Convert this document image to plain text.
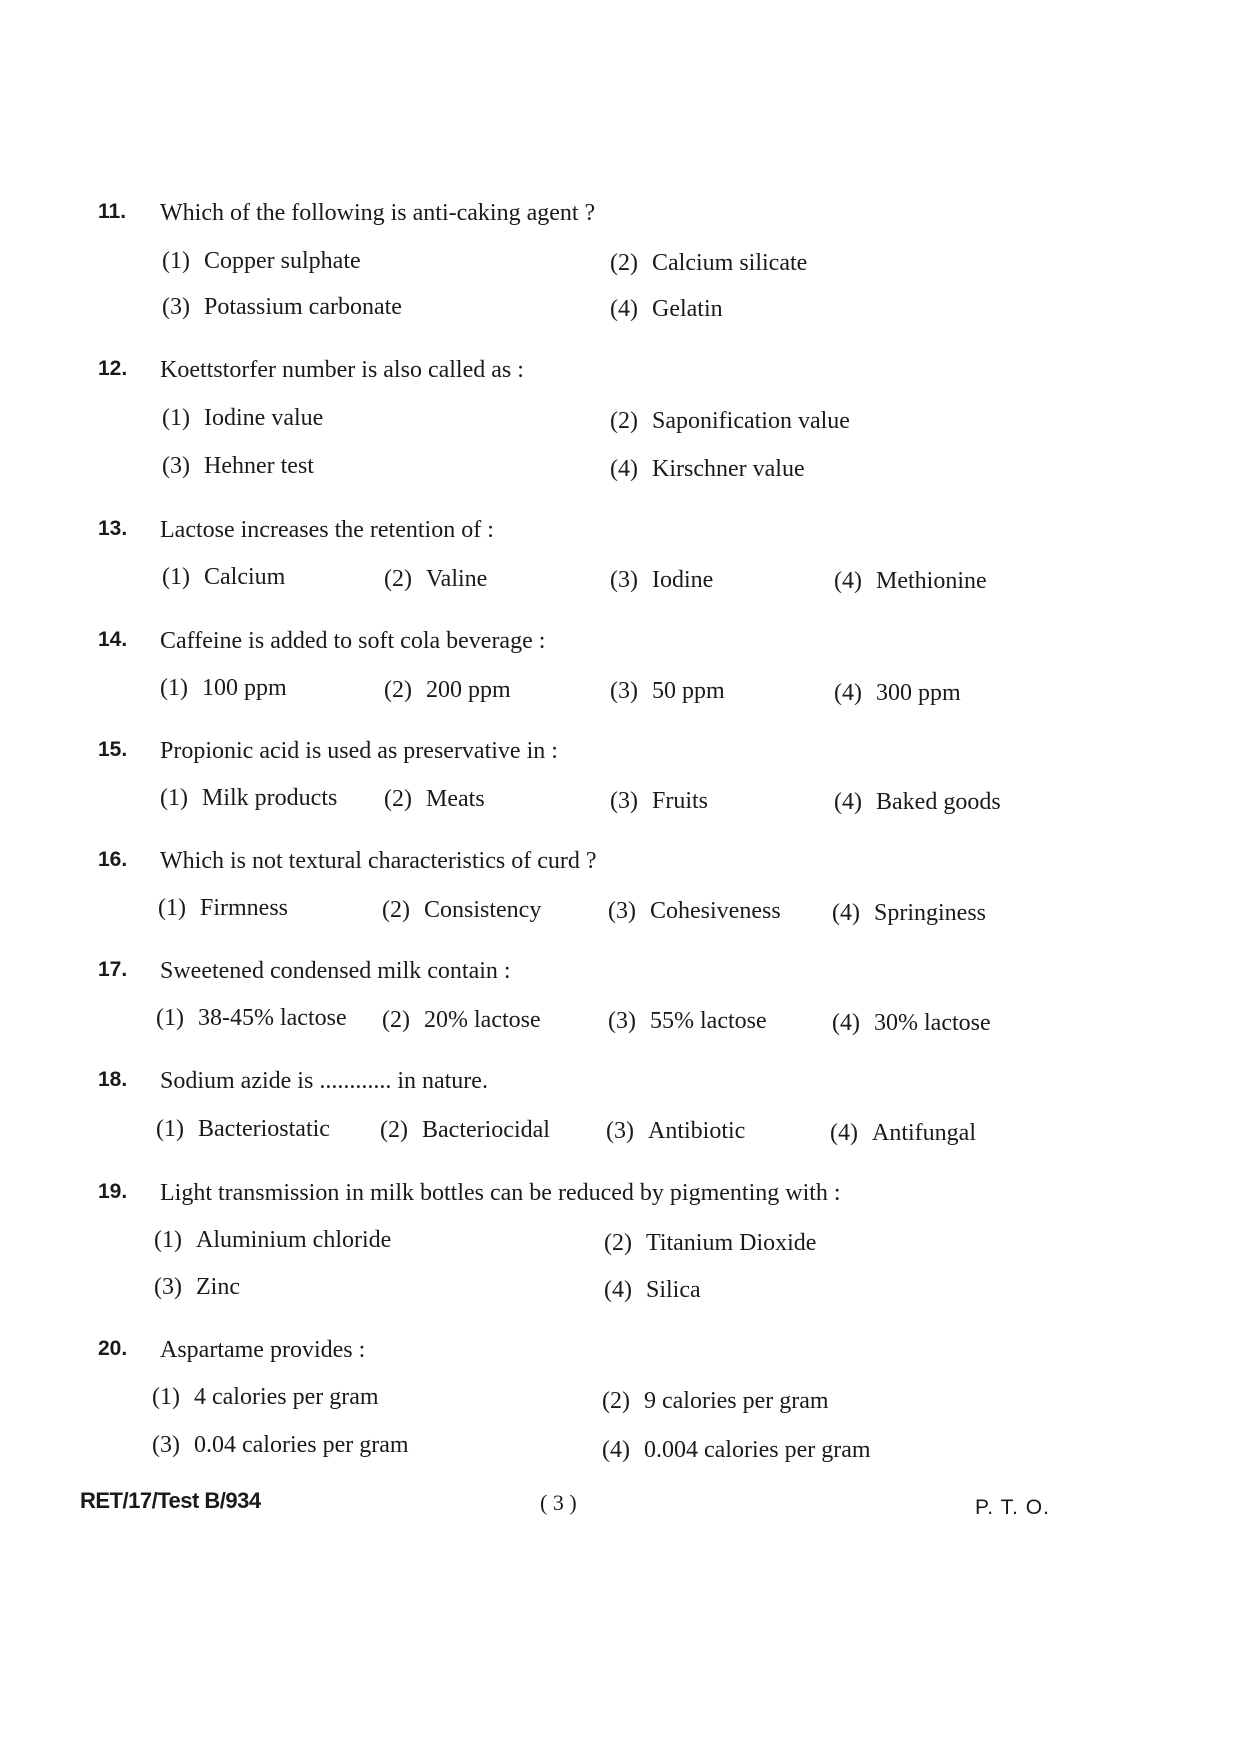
11. Which of the following is anti-caking agent ?
(1) Copper sulphate	(2) Calcium silicate
(3) Potassium carbonate	(4) Gelatin
12. Koettstorfer number is also called as :
(1) Iodine value	(2) Saponification value
(3) Hehner test	(4) Kirschner value
13. Lactose increases the retention of :
(1) Calcium	(2) Valine	(3) Iodine	(4) Methionine
14. Caffeine is added to soft cola beverage :
(1) 100 ppm	(2) 200 ppm	(3) 50 ppm	(4) 300 ppm
15. Propionic acid is used as preservative in :
(1) Milk products (2) Meats	(3) Fruits	(4) Baked goods
16. Which is not textural characteristics of curd ?
(1) Firmness	(2) Consistency	(3) Cohesiveness (4) Springiness
17. Sweetened condensed milk contain :
(1) 38-45% lactose (2) 20% lactose	(3) 55% lactose	(4) 30% lactose
18. Sodium azide is ............ in nature.
(1) Bacteriostatic (2) Bacteriocidal (3) Antibiotic	(4) Antifungal
19. Light transmission in milk bottles can be reduced by pigmenting with :
(1) Aluminium chloride	(2) Titanium Dioxide
(3) Zinc	(4) Silica
20. Aspartame provides :
(1) 4 calories per gram	(2) 9 calories per gram
(3) 0.04 calories per gram	(4) 0.004 calories per gram
RET/17/Test B/934	( 3 )	P. T. O.
